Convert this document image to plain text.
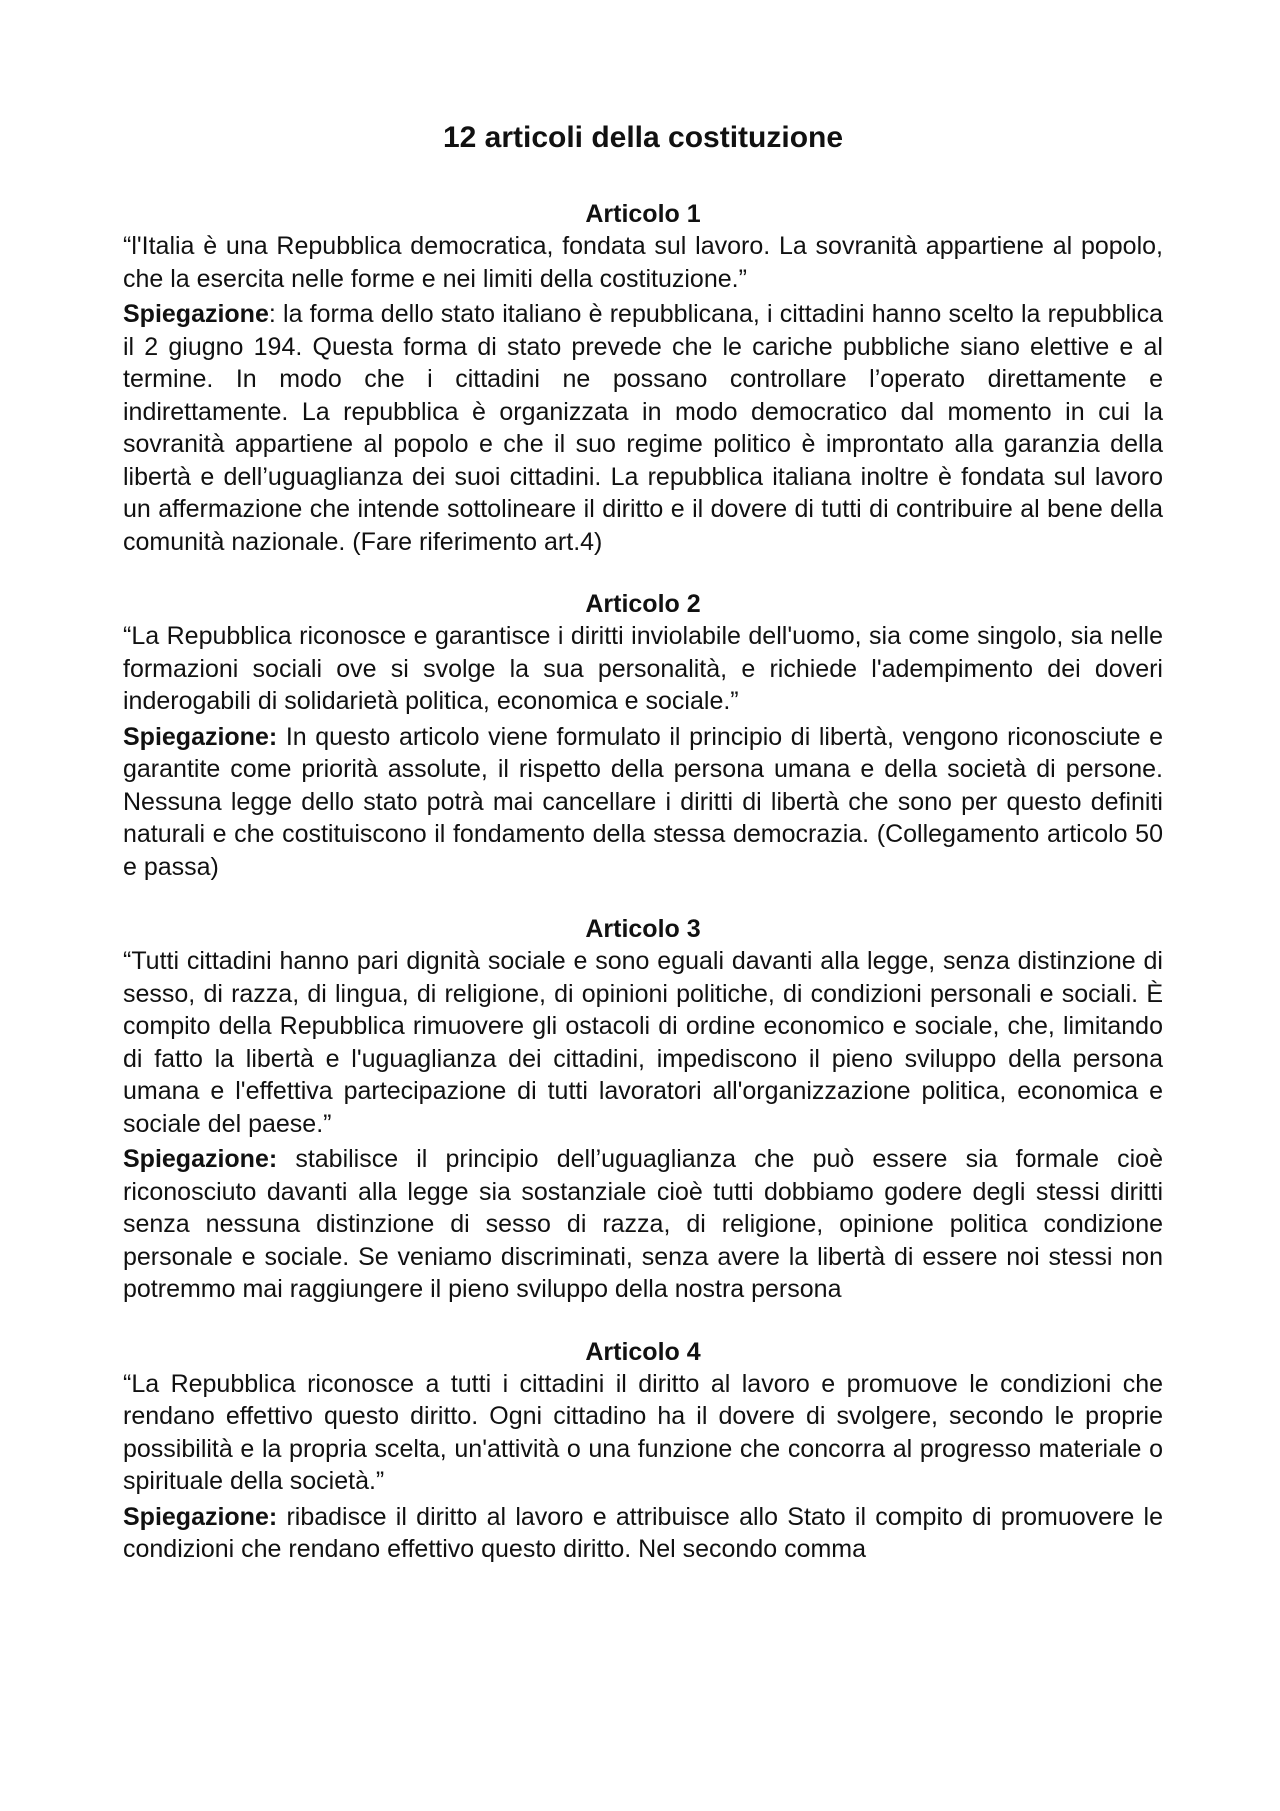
12 articoli della costituzione
Articolo 1

“l'Italia è una Repubblica democratica, fondata sul lavoro. La sovranità appartiene al popolo, che la esercita nelle forme e nei limiti della costituzione.”

Spiegazione: la forma dello stato italiano è repubblicana, i cittadini hanno scelto la repubblica il 2 giugno 194. Questa forma di stato prevede che le cariche pubbliche siano elettive e al termine. In modo che i cittadini ne possano controllare l’operato direttamente e indirettamente. La repubblica è organizzata in modo democratico dal momento in cui la sovranità appartiene al popolo e che il suo regime politico è improntato alla garanzia della libertà e dell’uguaglianza dei suoi cittadini. La repubblica italiana inoltre è fondata sul lavoro un affermazione che intende sottolineare il diritto e il dovere di tutti di contribuire al bene della comunità nazionale. (Fare riferimento art.4)

Articolo 2

“La Repubblica riconosce e garantisce i diritti inviolabile dell'uomo, sia come singolo, sia nelle formazioni sociali ove si svolge la sua personalità, e richiede l'adempimento dei doveri inderogabili di solidarietà politica, economica e sociale.”

Spiegazione: In questo articolo viene formulato il principio di libertà, vengono riconosciute e garantite come priorità assolute, il rispetto della persona umana e della società di persone. Nessuna legge dello stato potrà mai cancellare i diritti di libertà che sono per questo definiti naturali e che costituiscono il fondamento della stessa democrazia. (Collegamento articolo 50 e passa)

Articolo 3

“Tutti cittadini hanno pari dignità sociale e sono eguali davanti alla legge, senza distinzione di sesso, di razza, di lingua, di religione, di opinioni politiche, di condizioni personali e sociali. È compito della Repubblica rimuovere gli ostacoli di ordine economico e sociale, che, limitando di fatto la libertà e l'uguaglianza dei cittadini, impediscono il pieno sviluppo della persona umana e l'effettiva partecipazione di tutti lavoratori all'organizzazione politica, economica e sociale del paese.”

Spiegazione: stabilisce il principio dell’uguaglianza che può essere sia formale cioè riconosciuto davanti alla legge sia sostanziale cioè tutti dobbiamo godere degli stessi diritti senza nessuna distinzione di sesso di razza, di religione, opinione politica condizione personale e sociale. Se veniamo discriminati, senza avere la libertà di essere noi stessi non potremmo mai raggiungere il pieno sviluppo della nostra persona

Articolo 4

“La Repubblica riconosce a tutti i cittadini il diritto al lavoro e promuove le condizioni che rendano effettivo questo diritto. Ogni cittadino ha il dovere di svolgere, secondo le proprie possibilità e la propria scelta, un'attività o una funzione che concorra al progresso materiale o spirituale della società.”

Spiegazione: ribadisce il diritto al lavoro e attribuisce allo Stato il compito di promuovere le condizioni che rendano effettivo questo diritto. Nel secondo comma
